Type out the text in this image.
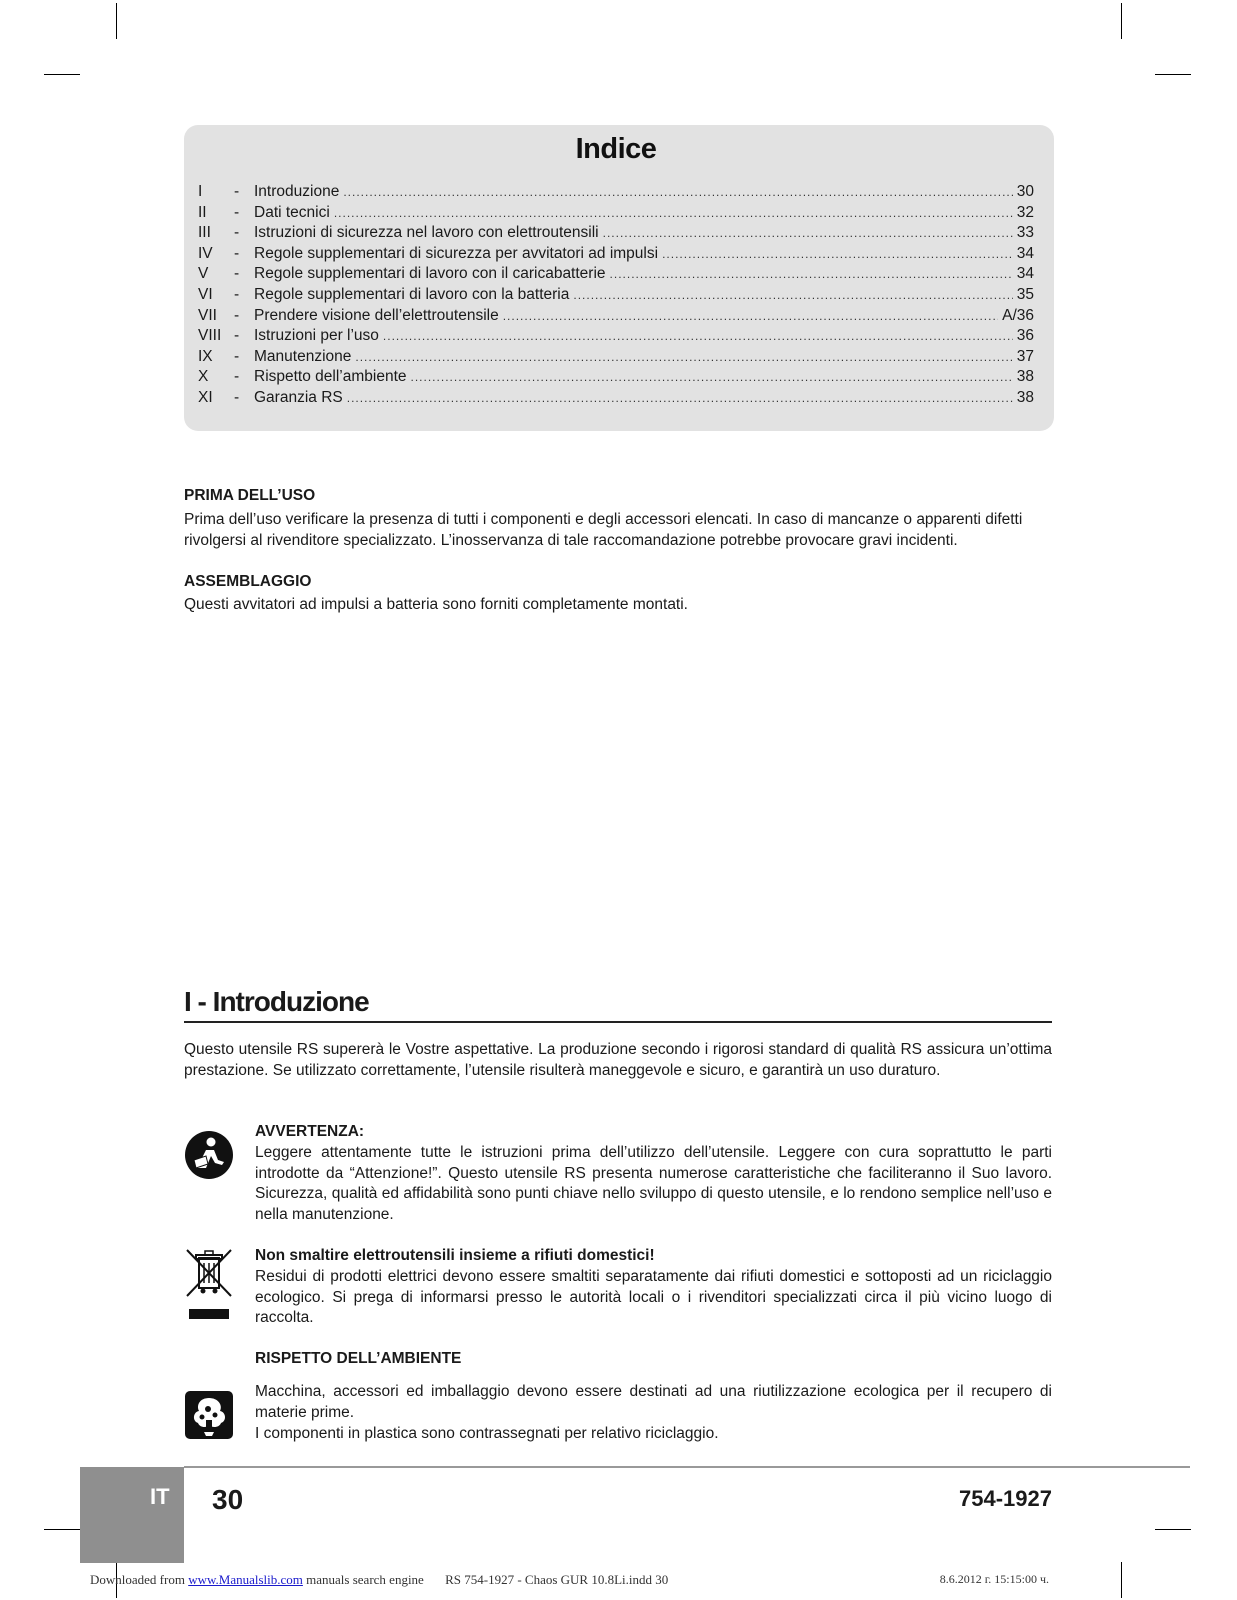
Indice
I	- Introduzione .....	30
II	- Dati tecnici .....	32
III	- Istruzioni di sicurezza nel lavoro con elettroutensili .....	33
IV	- Regole supplementari di sicurezza per avvitatori ad impulsi .....	34
V	- Regole supplementari di lavoro con il caricabatterie .....	34
VI	- Regole supplementari di lavoro con la batteria .....	35
VII	- Prendere visione dell’elettroutensile .....	A/36
VIII - Istruzioni per l’uso .....	36
IX	- Manutenzione .....	37
X	- Rispetto dell’ambiente .....	38
XI	- Garanzia RS .....	38
PRIMA DELL’USO

Prima dell’uso verificare la presenza di tutti i componenti e degli accessori elencati. In caso di mancanze o apparenti difetti rivolgersi al rivenditore specializzato. L’inosservanza di tale raccomandazione potrebbe provocare gravi incidenti.

ASSEMBLAGGIO

Questi avvitatori ad impulsi a batteria sono forniti completamente montati.

I - Introduzione

Questo utensile RS supererà le Vostre aspettative. La produzione secondo i rigorosi standard di qualità RS assicura un’ottima prestazione. Se utilizzato correttamente, l’utensile risulterà maneggevole e sicuro, e garantirà un uso duraturo.

AVVERTENZA:

Leggere attentamente tutte le istruzioni prima dell’utilizzo dell’utensile. Leggere con cura soprattutto le parti introdotte da “Attenzione!”. Questo utensile RS presenta numerose caratteristiche che faciliteranno il Suo lavoro. Sicurezza, qualità ed affidabilità sono punti chiave nello sviluppo di questo utensile, e lo rendono semplice nell’uso e nella manutenzione.

Non smaltire elettroutensili insieme a rifiuti domestici!

Residui di prodotti elettrici devono essere smaltiti separatamente dai rifiuti domestici e sottoposti ad un riciclaggio ecologico. Si prega di informarsi presso le autorità locali o i rivenditori specializzati circa il più vicino luogo di raccolta.

RISPETTO DELL’AMBIENTE

Macchina, accessori ed imballaggio devono essere destinati ad una riutilizzazione ecologica per il recupero di materie prime.

I componenti in plastica sono contrassegnati per relativo riciclaggio.

IT 30	754-1927
Downloaded from www.Manualslib.com manuals search engine RS 754-1927 - Chaos GUR 10.8Li.indd 30	8.6.2012 г. 15:15:00 ч.
